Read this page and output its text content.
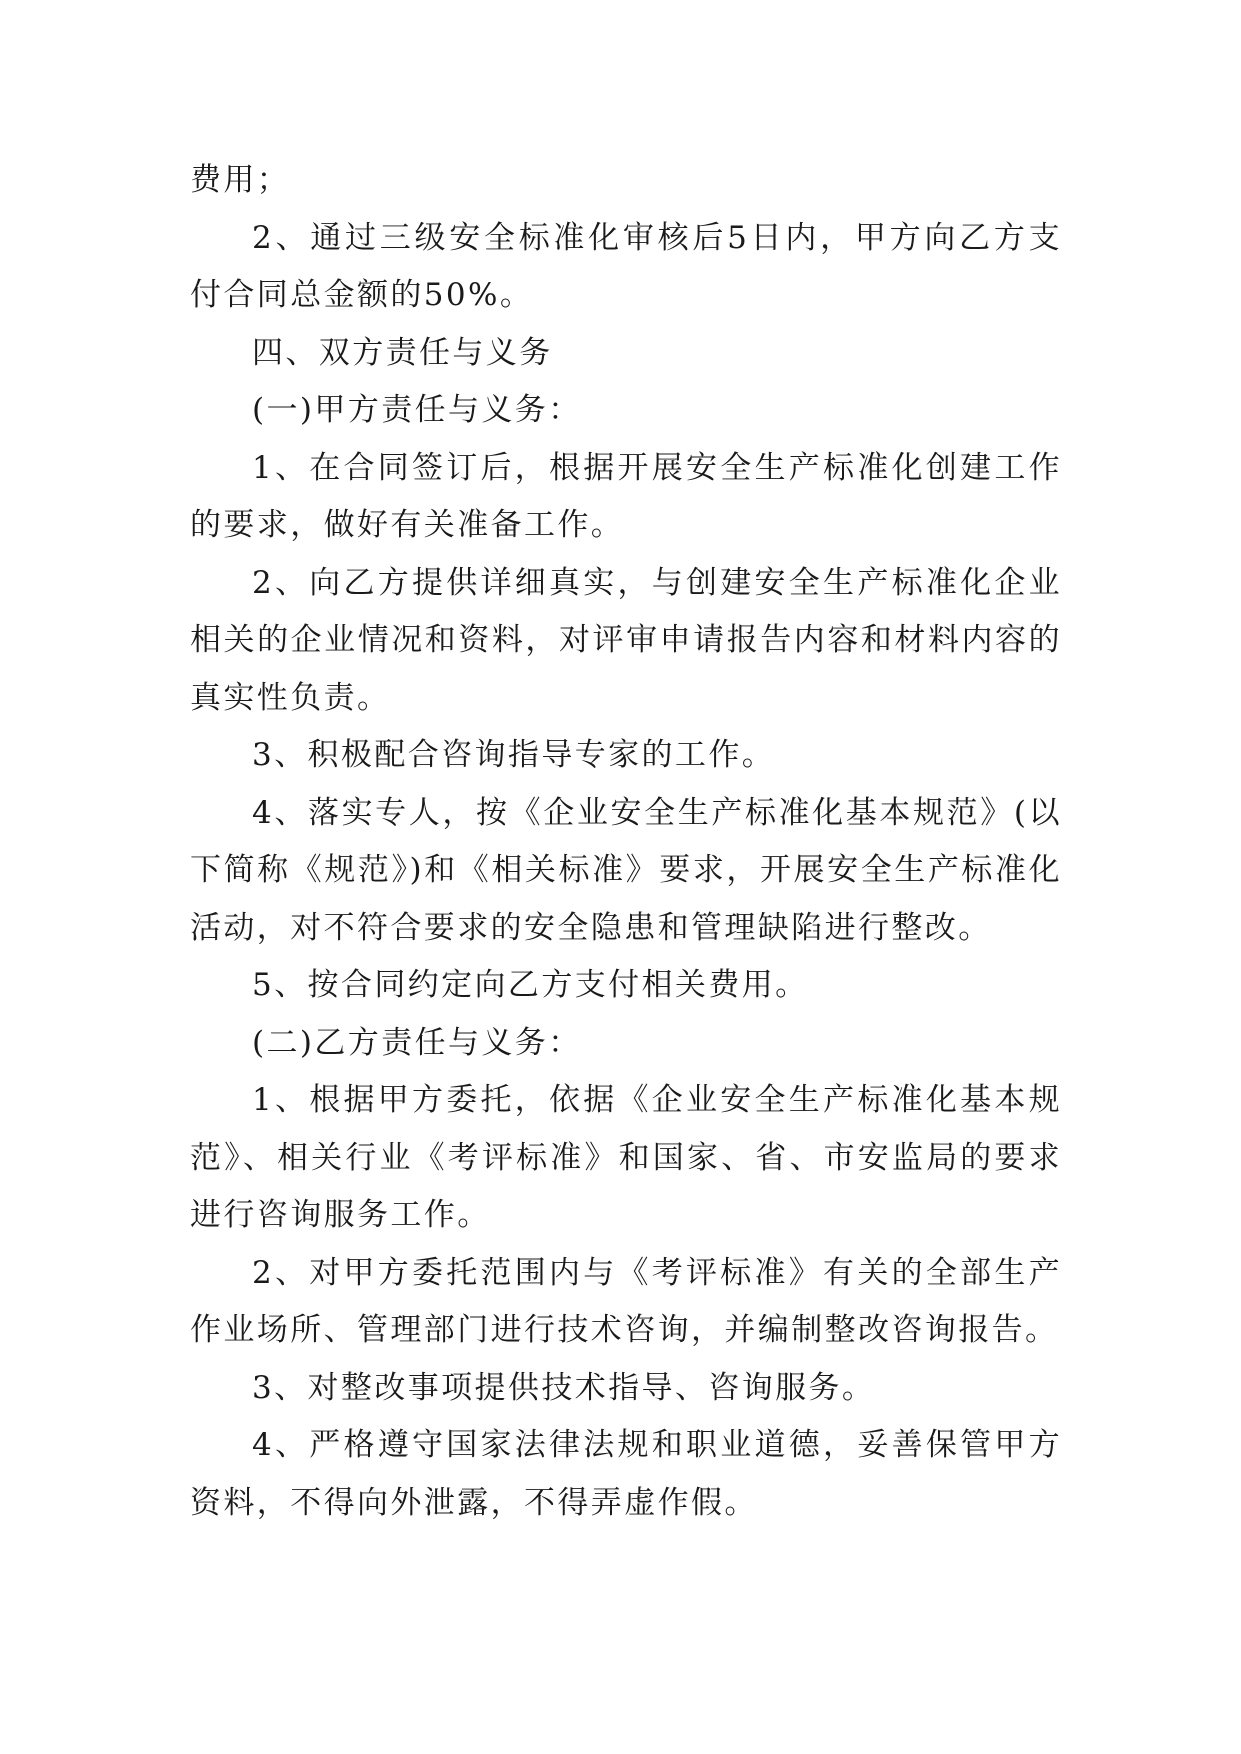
费用；

2、通过三级安全标准化审核后5日内，甲方向乙方支付合同总金额的50%。

四、双方责任与义务

(一)甲方责任与义务：

1、在合同签订后，根据开展安全生产标准化创建工作的要求，做好有关准备工作。

2、向乙方提供详细真实，与创建安全生产标准化企业相关的企业情况和资料，对评审申请报告内容和材料内容的真实性负责。

3、积极配合咨询指导专家的工作。

4、落实专人，按《企业安全生产标准化基本规范》(以下简称《规范》)和《相关标准》要求，开展安全生产标准化活动，对不符合要求的安全隐患和管理缺陷进行整改。

5、按合同约定向乙方支付相关费用。

(二)乙方责任与义务：

1、根据甲方委托，依据《企业安全生产标准化基本规范》、相关行业《考评标准》和国家、省、市安监局的要求进行咨询服务工作。

2、对甲方委托范围内与《考评标准》有关的全部生产作业场所、管理部门进行技术咨询，并编制整改咨询报告。

3、对整改事项提供技术指导、咨询服务。

4、严格遵守国家法律法规和职业道德，妥善保管甲方资料，不得向外泄露，不得弄虚作假。
